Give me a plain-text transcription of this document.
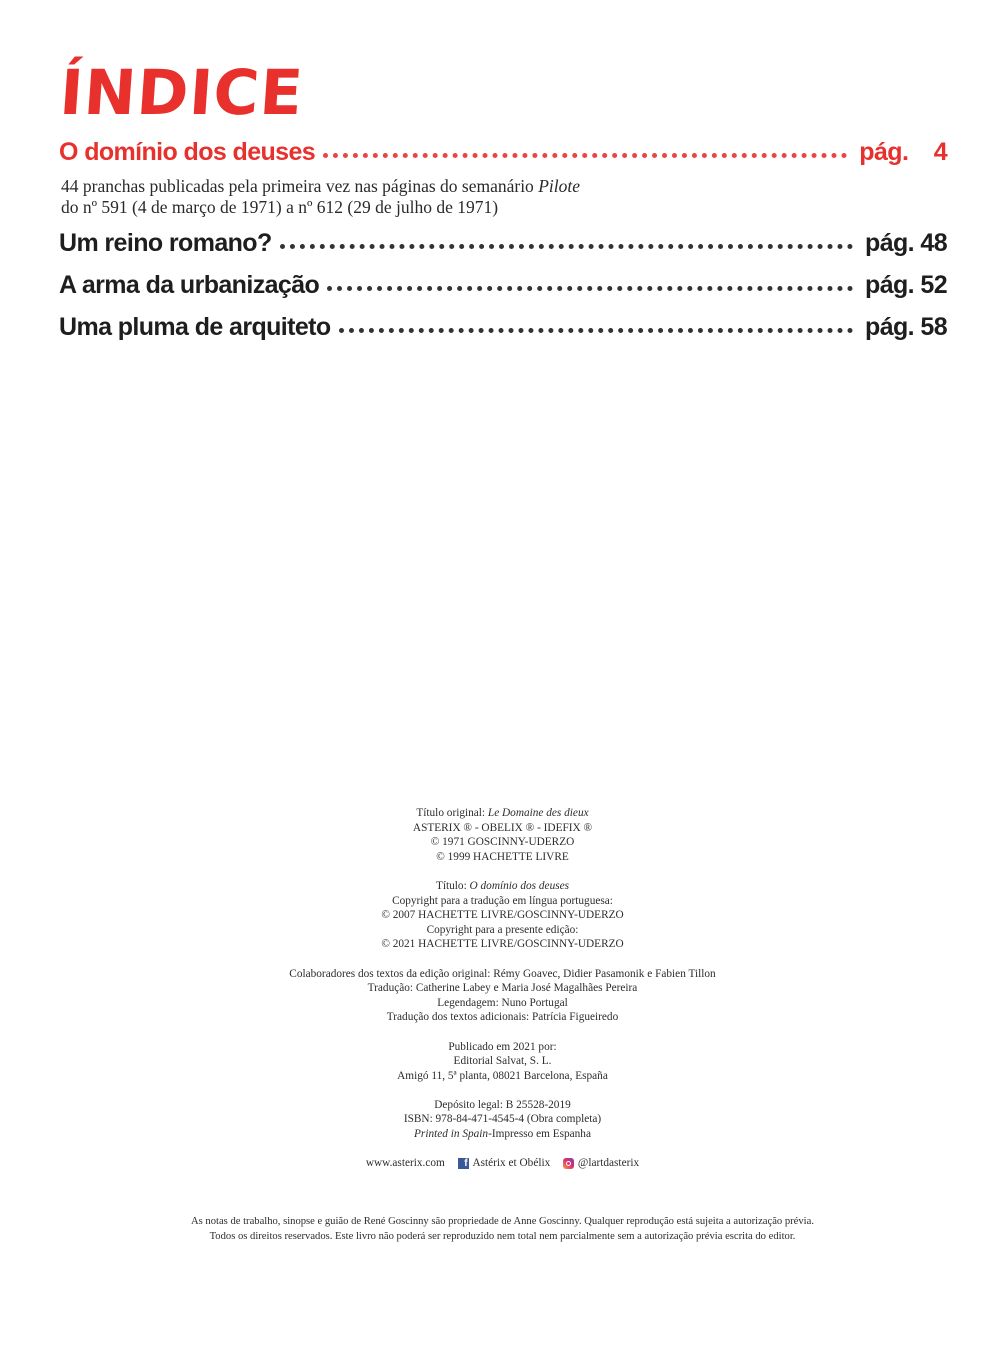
ÍNDICE
O domínio dos deuses	pág. 4
44 pranchas publicadas pela primeira vez nas páginas do semanário Pilote
do nº 591 (4 de março de 1971) a nº 612 (29 de julho de 1971)
Um reino romano?	pág. 48
A arma da urbanização	pág. 52
Uma pluma de arquiteto	pág. 58
Título original: Le Domaine des dieux
ASTERIX ® - OBELIX ® - IDEFIX ®
© 1971 GOSCINNY-UDERZO
© 1999 HACHETTE LIVRE
Título: O domínio dos deuses
Copyright para a tradução em língua portuguesa:
© 2007 HACHETTE LIVRE/GOSCINNY-UDERZO
Copyright para a presente edição:
© 2021 HACHETTE LIVRE/GOSCINNY-UDERZO
Colaboradores dos textos da edição original: Rémy Goavec, Didier Pasamonik e Fabien Tillon
Tradução: Catherine Labey e Maria José Magalhães Pereira
Legendagem: Nuno Portugal
Tradução dos textos adicionais: Patrícia Figueiredo
Publicado em 2021 por:
Editorial Salvat, S. L.
Amigó 11, 5ª planta, 08021 Barcelona, España
Depósito legal: B 25528-2019
ISBN: 978-84-471-4545-4 (Obra completa)
Printed in Spain-Impresso em Espanha
www.asterix.com f Astérix et Obélix @lartdasterix
As notas de trabalho, sinopse e guião de René Goscinny são propriedade de Anne Goscinny. Qualquer reprodução está sujeita a autorização prévia.
Todos os direitos reservados. Este livro não poderá ser reproduzido nem total nem parcialmente sem a autorização prévia escrita do editor.
